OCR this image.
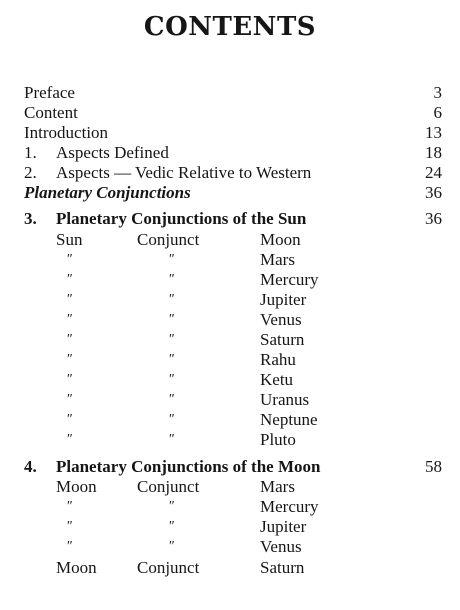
CONTENTS
Preface	3
Content	6
Introduction	13
1. Aspects Defined	18
2. Aspects — Vedic Relative to Western	24
Planetary Conjunctions	36
3. Planetary Conjunctions of the Sun	36
Sun	Conjunct	Moon
"	"	Mars
"	"	Mercury
"	"	Jupiter
"	"	Venus
"	"	Saturn
"	"	Rahu
"	"	Ketu
"	"	Uranus
"	"	Neptune
"	"	Pluto
4. Planetary Conjunctions of the Moon	58
Moon Conjunct	Mars
"	"	Mercury
"	"	Jupiter
"	"	Venus
Moon Conjunct	Saturn
